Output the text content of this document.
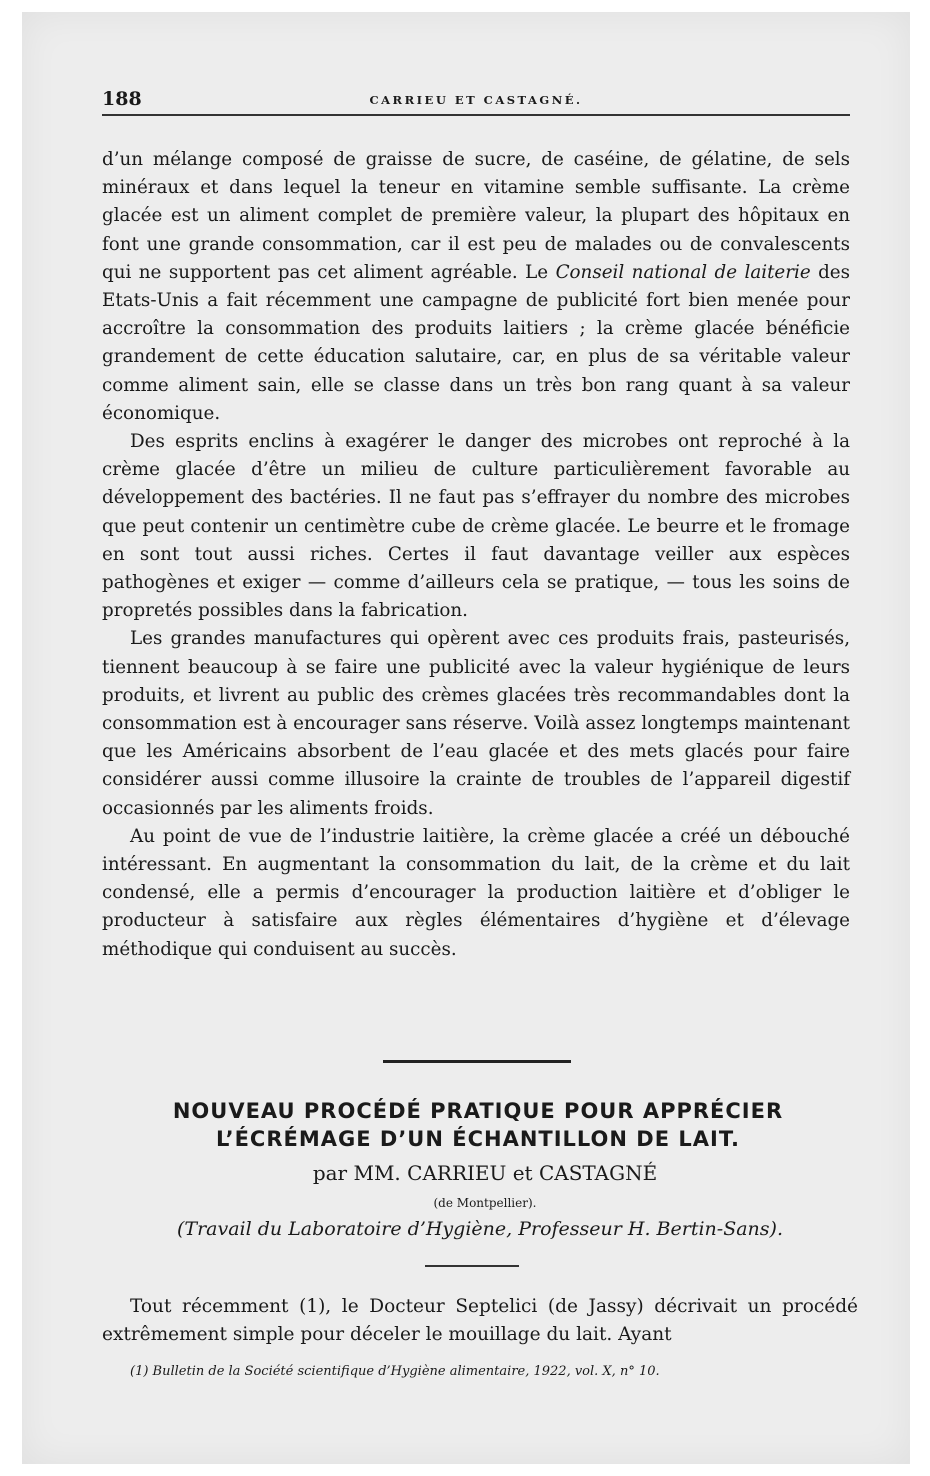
188	CARRIEU ET CASTAGNÉ.

d’un mélange composé de graisse de sucre, de caséine, de gélatine, de sels minéraux et dans lequel la teneur en vitamine semble suffisante. La crème glacée est un aliment complet de première valeur, la plupart des hôpitaux en font une grande consommation, car il est peu de malades ou de convalescents qui ne supportent pas cet aliment agréable. Le Conseil national de laiterie des Etats-Unis a fait récemment une campagne de publicité fort bien menée pour accroître la consommation des produits laitiers ; la crème glacée bénéficie grandement de cette éducation salutaire, car, en plus de sa véritable valeur comme aliment sain, elle se classe dans un très bon rang quant à sa valeur économique.

Des esprits enclins à exagérer le danger des microbes ont reproché à la crème glacée d’être un milieu de culture particulièrement favorable au développement des bactéries. Il ne faut pas s’effrayer du nombre des microbes que peut contenir un centimètre cube de crème glacée. Le beurre et le fromage en sont tout aussi riches. Certes il faut davantage veiller aux espèces pathogènes et exiger — comme d’ailleurs cela se pratique, — tous les soins de propretés possibles dans la fabrication.

Les grandes manufactures qui opèrent avec ces produits frais, pasteurisés, tiennent beaucoup à se faire une publicité avec la valeur hygiénique de leurs produits, et livrent au public des crèmes glacées très recommandables dont la consommation est à encourager sans réserve. Voilà assez longtemps maintenant que les Américains absorbent de l’eau glacée et des mets glacés pour faire considérer aussi comme illusoire la crainte de troubles de l’appareil digestif occasionnés par les aliments froids.

Au point de vue de l’industrie laitière, la crème glacée a créé un débouché intéressant. En augmentant la consommation du lait, de la crème et du lait condensé, elle a permis d’encourager la production laitière et d’obliger le producteur à satisfaire aux règles élémentaires d’hygiène et d’élevage méthodique qui conduisent au succès.

NOUVEAU PROCÉDÉ PRATIQUE POUR APPRÉCIER
L’ÉCRÉMAGE D’UN ÉCHANTILLON DE LAIT.
par MM. CARRIEU et CASTAGNÉ
(de Montpellier).
(Travail du Laboratoire d’Hygiène, Professeur H. Bertin-Sans).

Tout récemment (1), le Docteur Septelici (de Jassy) décrivait un procédé extrêmement simple pour déceler le mouillage du lait. Ayant

(1) Bulletin de la Société scientifique d’Hygiène alimentaire, 1922, vol. X, n° 10.
